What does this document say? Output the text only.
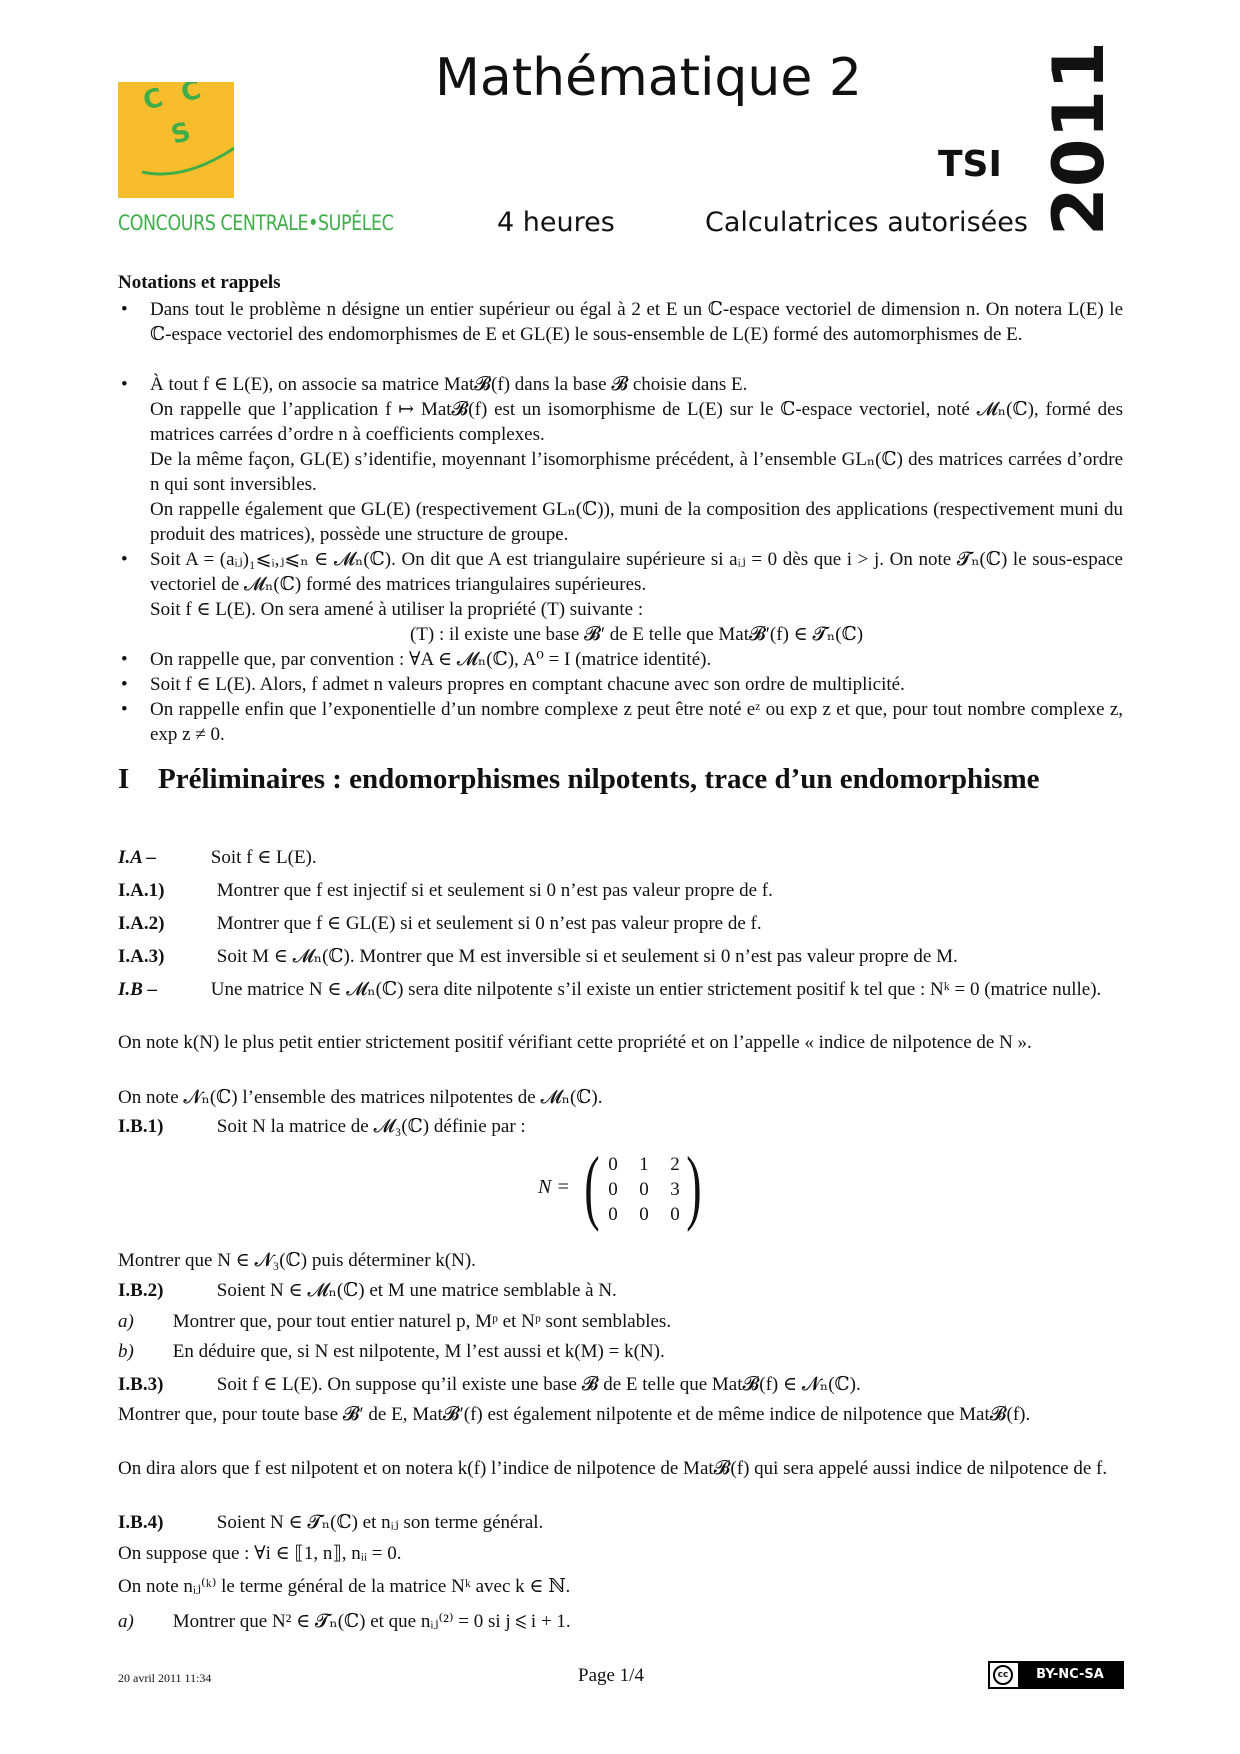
C C
S
CONCOURS CENTRALE•SUPÉLEC
Mathématique 2
TSI 2011
4 heures	Calculatrices autorisées
Notations et rappels
• Dans tout le problème n désigne un entier supérieur ou égal à 2 et E un ℂ-espace vectoriel de dimension n. On notera L(E) le ℂ-espace vectoriel des endomorphismes de E et GL(E) le sous-ensemble de L(E) formé des automorphismes de E.
• À tout f ∈ L(E), on associe sa matrice Mat𝓑(f) dans la base 𝓑 choisie dans E.
On rappelle que l’application f ↦ Mat𝓑(f) est un isomorphisme de L(E) sur le ℂ-espace vectoriel, noté 𝓜ₙ(ℂ), formé des matrices carrées d’ordre n à coefficients complexes.
De la même façon, GL(E) s’identifie, moyennant l’isomorphisme précédent, à l’ensemble GLₙ(ℂ) des matrices carrées d’ordre n qui sont inversibles.
On rappelle également que GL(E) (respectivement GLₙ(ℂ)), muni de la composition des applications (respectivement muni du produit des matrices), possède une structure de groupe.
• Soit A = (aᵢⱼ)₁⩽ᵢ,ⱼ⩽ₙ ∈ 𝓜ₙ(ℂ). On dit que A est triangulaire supérieure si aᵢⱼ = 0 dès que i > j. On note 𝓣ₙ(ℂ) le sous-espace vectoriel de 𝓜ₙ(ℂ) formé des matrices triangulaires supérieures.
Soit f ∈ L(E). On sera amené à utiliser la propriété (T) suivante :
(T) : il existe une base 𝓑′ de E telle que Mat𝓑′(f) ∈ 𝓣ₙ(ℂ)
• On rappelle que, par convention : ∀A ∈ 𝓜ₙ(ℂ), A⁰ = I (matrice identité).
• Soit f ∈ L(E). Alors, f admet n valeurs propres en comptant chacune avec son ordre de multiplicité.
• On rappelle enfin que l’exponentielle d’un nombre complexe z peut être noté eᶻ ou exp z et que, pour tout nombre complexe z, exp z ≠ 0.
I Préliminaires : endomorphismes nilpotents, trace d’un endomorphisme
I.A –	Soit f ∈ L(E).
I.A.1)	Montrer que f est injectif si et seulement si 0 n’est pas valeur propre de f.
I.A.2)	Montrer que f ∈ GL(E) si et seulement si 0 n’est pas valeur propre de f.
I.A.3)	Soit M ∈ 𝓜ₙ(ℂ). Montrer que M est inversible si et seulement si 0 n’est pas valeur propre de M.
I.B –	Une matrice N ∈ 𝓜ₙ(ℂ) sera dite nilpotente s’il existe un entier strictement positif k tel que : Nᵏ = 0 (matrice nulle).
On note k(N) le plus petit entier strictement positif vérifiant cette propriété et on l’appelle « indice de nilpotence de N ».
On note 𝓝ₙ(ℂ) l’ensemble des matrices nilpotentes de 𝓜ₙ(ℂ).
I.B.1)	Soit N la matrice de 𝓜₃(ℂ) définie par :
N = ( )
0 1 2
0 0 3
0 0 0
Montrer que N ∈ 𝓝₃(ℂ) puis déterminer k(N).
I.B.2)	Soient N ∈ 𝓜ₙ(ℂ) et M une matrice semblable à N.
a) Montrer que, pour tout entier naturel p, Mᵖ et Nᵖ sont semblables.
b) En déduire que, si N est nilpotente, M l’est aussi et k(M) = k(N).
I.B.3)	Soit f ∈ L(E). On suppose qu’il existe une base 𝓑 de E telle que Mat𝓑(f) ∈ 𝓝ₙ(ℂ).
Montrer que, pour toute base 𝓑′ de E, Mat𝓑′(f) est également nilpotente et de même indice de nilpotence que Mat𝓑(f).
On dira alors que f est nilpotent et on notera k(f) l’indice de nilpotence de Mat𝓑(f) qui sera appelé aussi indice de nilpotence de f.
I.B.4)	Soient N ∈ 𝓣ₙ(ℂ) et nᵢⱼ son terme général.
On suppose que : ∀i ∈ ⟦1, n⟧, nᵢᵢ = 0.
On note nᵢⱼ⁽ᵏ⁾ le terme général de la matrice Nᵏ avec k ∈ ℕ.
a) Montrer que N² ∈ 𝓣ₙ(ℂ) et que nᵢⱼ⁽²⁾ = 0 si j ⩽ i + 1.
20 avril 2011 11:34	Page 1/4	cc	BY-NC-SA
